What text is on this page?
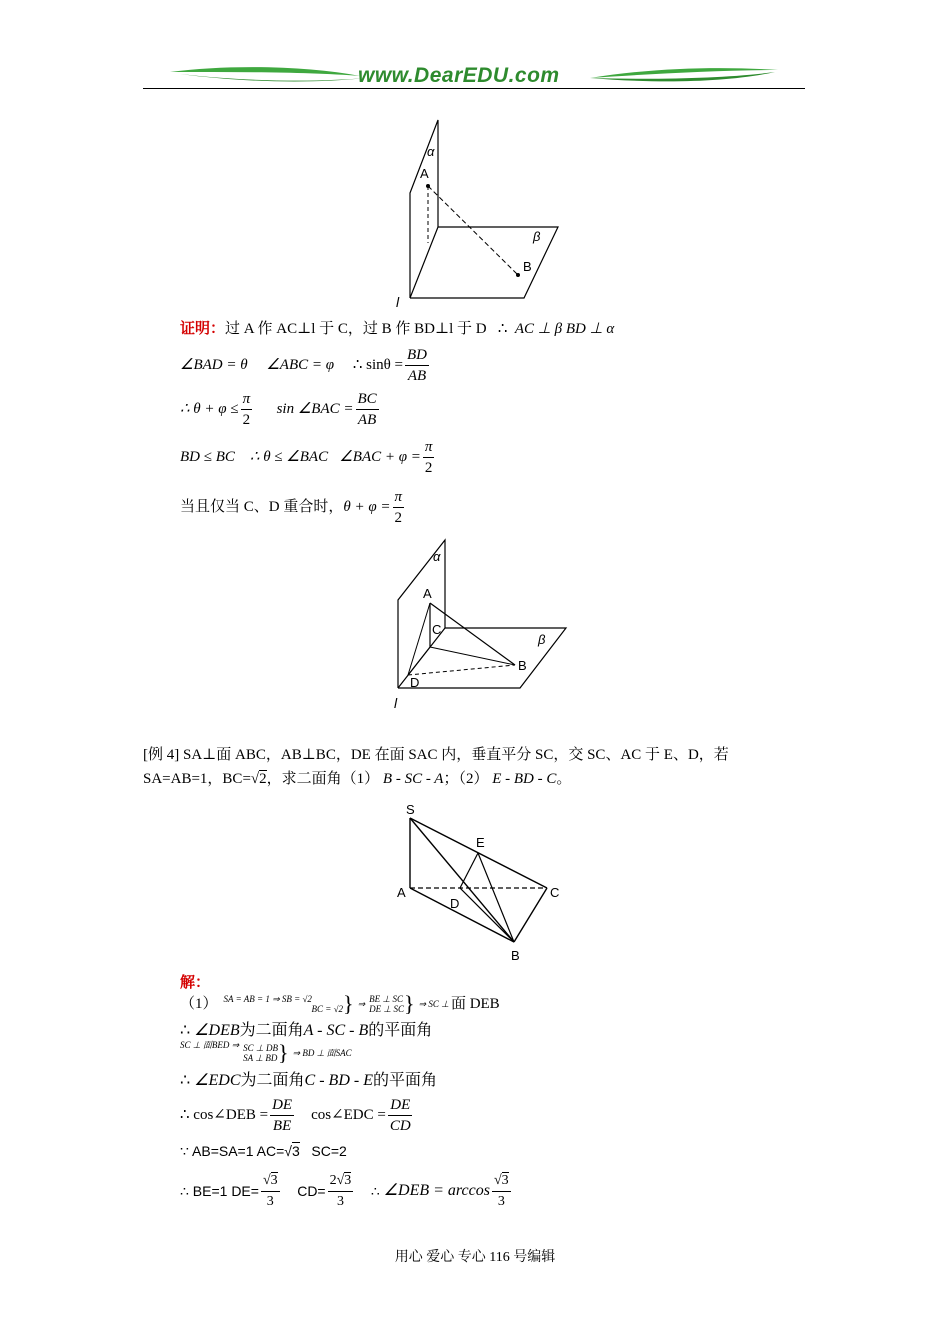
www.DearEDU.com
α
A
β
B
l
证明：过 A 作 AC⊥l 于 C，过 B 作 BD⊥l 于 D ∴ AC ⊥ β BD ⊥ α
∠BAD = θ
∠ABC = φ
∴ $\sin\theta = \frac{BD}{AB}$
∴ $\theta + \varphi \le \frac{\pi}{2}$
sin ∠BAC = $\frac{BC}{AB}$
BD ≤ BC
∴ θ ≤ ∠BAC
∠BAC + $\varphi = \frac{\pi}{2}$
当且仅当 C、D 重合时， $\theta + \varphi = \frac{\pi}{2}$
α
A
C
β
B
D
l
[例 4] SA⊥面 ABC，AB⊥BC，DE 在面 SAC 内，垂直平分 SC，交 SC、AC 于 E、D，若
SA=AB=1，BC=√2，求二面角（1） B - SC - A；（2） E - BD - C。
S
E
A
D
C
B
解：
（1） SA = AB = 1 ⇒ SB = √2
BC = √2 } ⇒ BE ⊥ SC
DE ⊥ SC } ⇒ SC ⊥ 面 DEB
∴ ∠DEB为二面角A - SC - B的平面角
SC ⊥ 面BED ⇒ SC ⊥ DB
SA ⊥ BD } ⇒ BD ⊥ 面SAC
∴ ∠EDC为二面角C - BD - E的平面角
∴ cos∠DEB = $\frac{DE}{BE}$
cos∠EDC = $\frac{DE}{CD}$
∵ AB=SA=1 AC=√3 SC=2
∴ BE=1 $DE= \frac{√3}{3}$
$CD= \frac{2√3}{3}$
∴
∠DEB = $\arccos \frac{√3}{3}$
用心 爱心 专心 116 号编辑
